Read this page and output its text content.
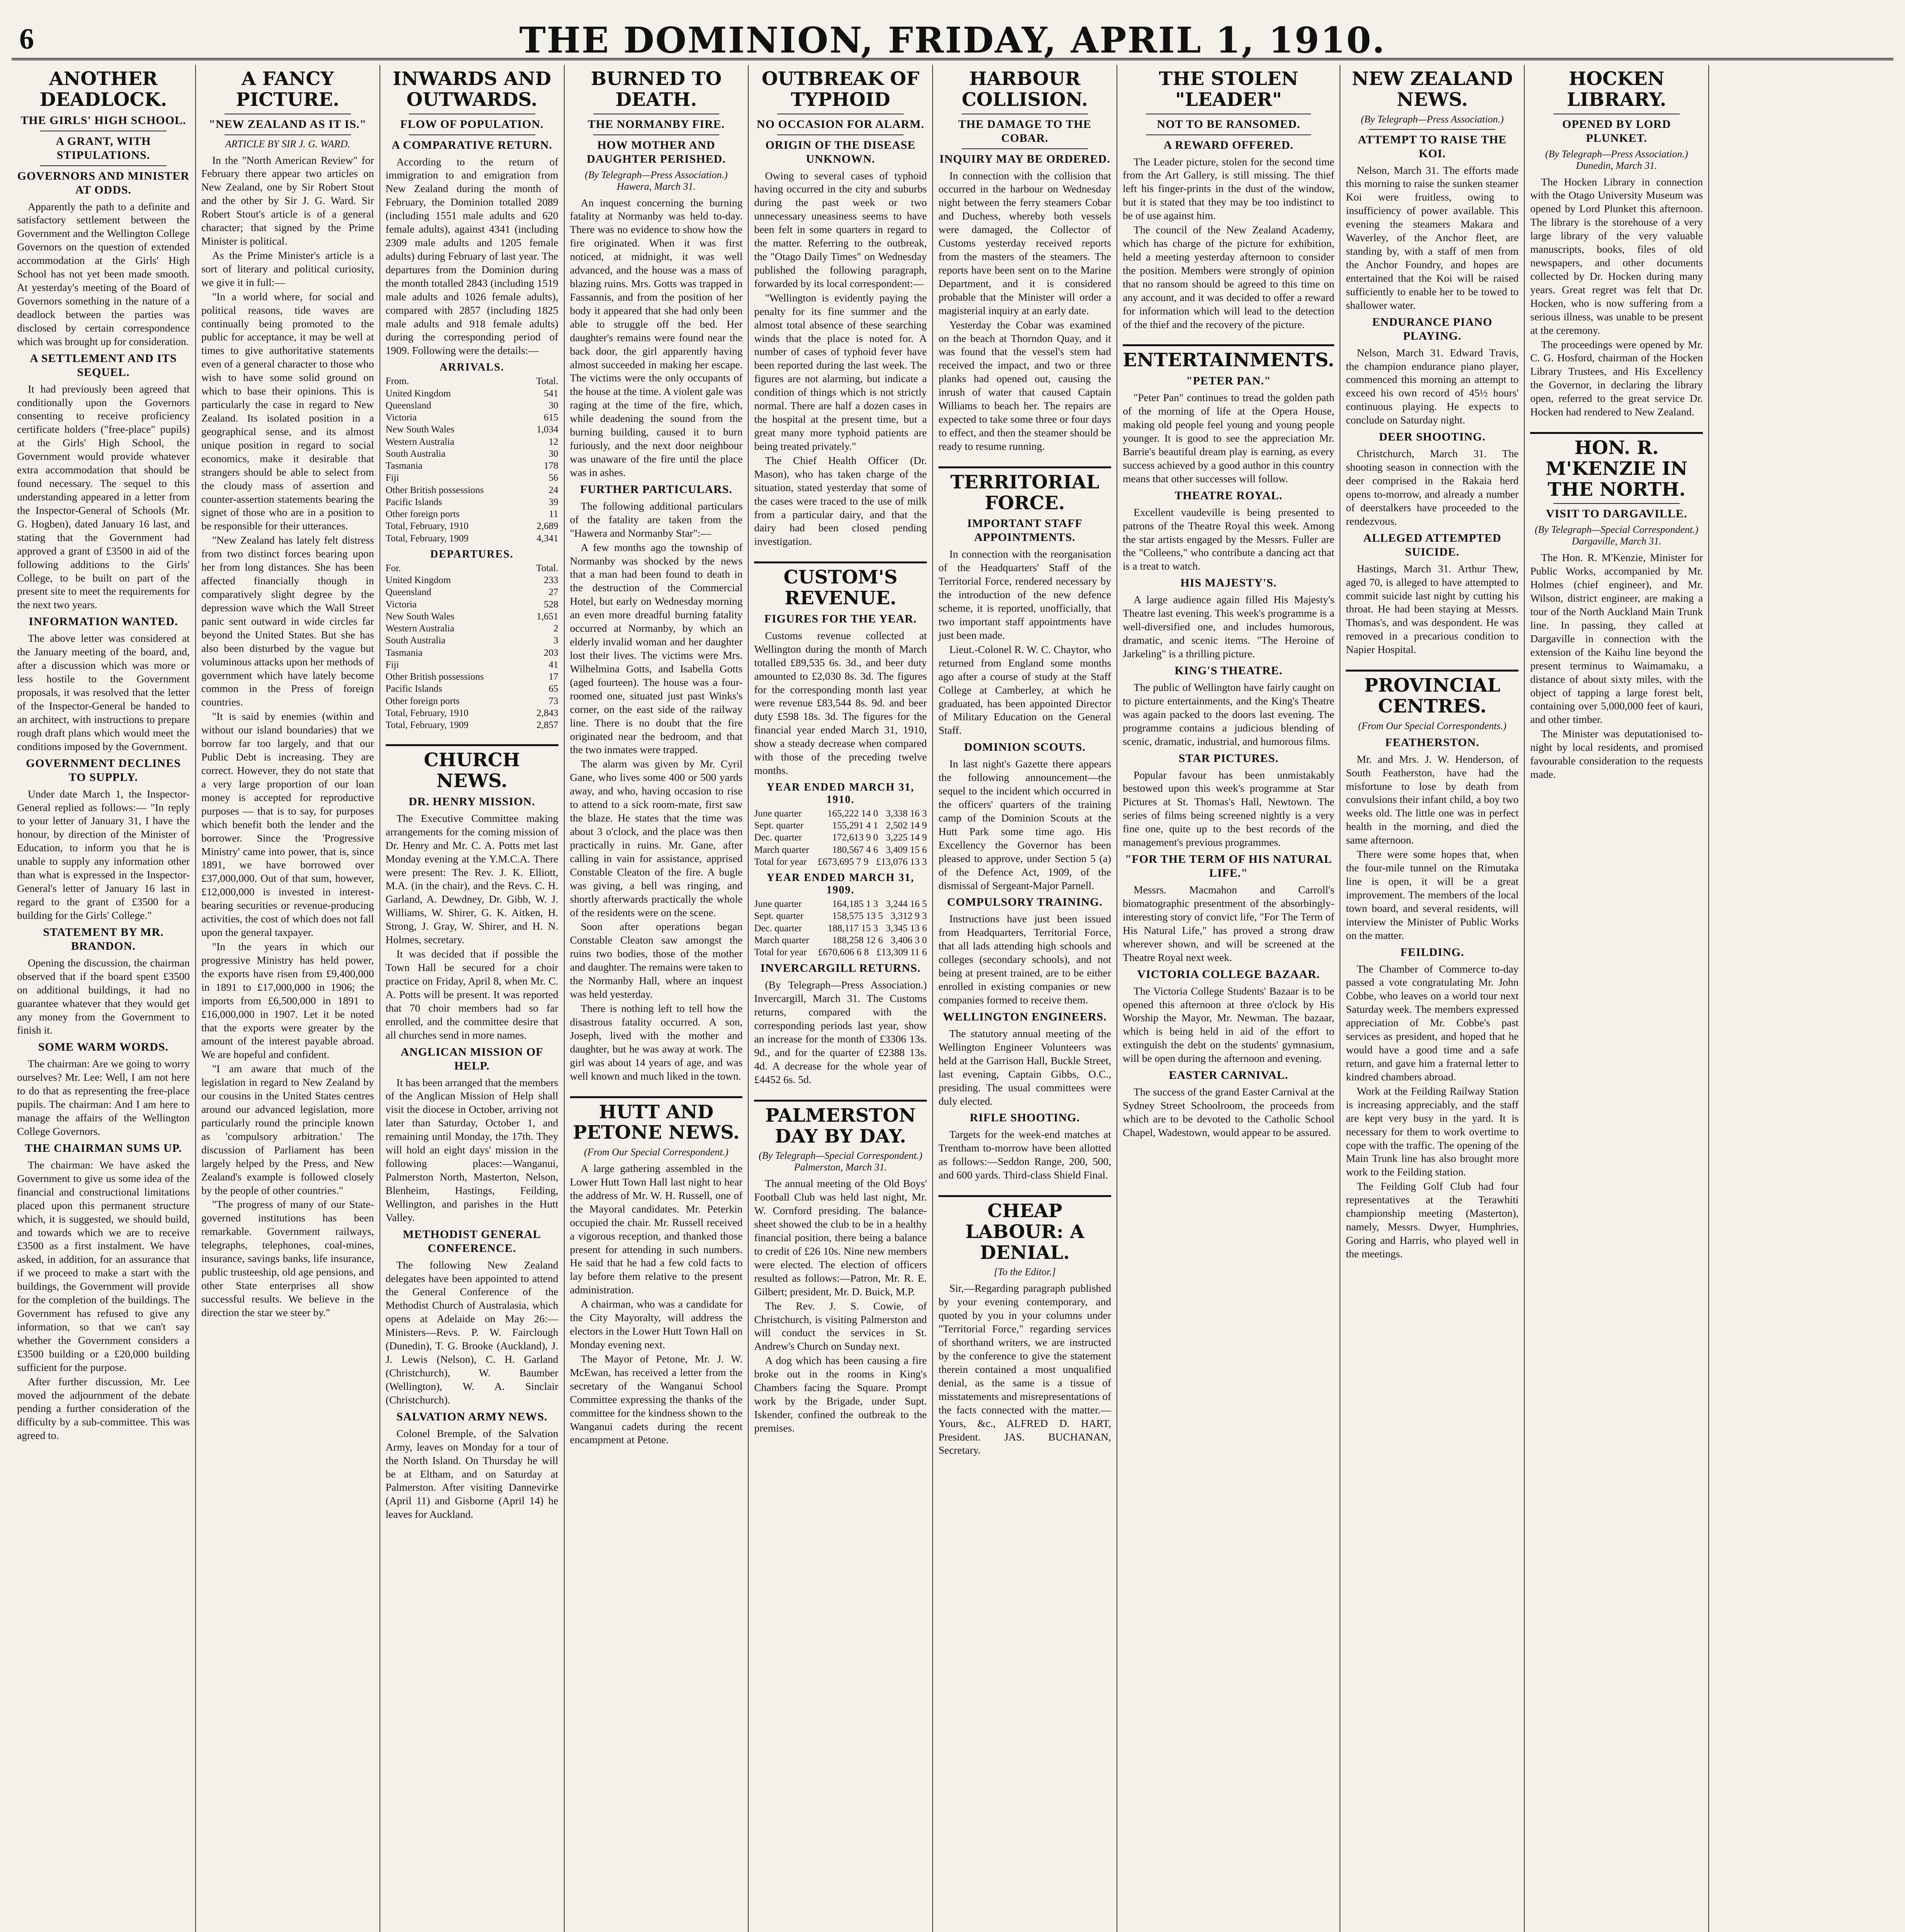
6	THE DOMINION, FRIDAY, APRIL 1, 1910.
ANOTHER DEADLOCK.
THE GIRLS' HIGH SCHOOL.
A GRANT, WITH STIPULATIONS.
GOVERNORS AND MINISTER AT ODDS.

Apparently the path to a definite and satisfactory settlement between the Government and the Wellington College Governors on the question of extended accommodation at the Girls' High School has not yet been made smooth. At yesterday's meeting of the Board of Governors something in the nature of a deadlock between the parties was disclosed by certain correspondence which was brought up for consideration.

A SETTLEMENT AND ITS SEQUEL.

It had previously been agreed that conditionally upon the Governors consenting to receive proficiency certificate holders ("free-place" pupils) at the Girls' High School, the Government would provide whatever extra accommodation that should be found necessary. The sequel to this understanding appeared in a letter from the Inspector-General of Schools (Mr. G. Hogben), dated January 16 last, and stating that the Government had approved a grant of £3500 in aid of the following additions to the Girls' College, to be built on part of the present site to meet the requirements for the next two years.

INFORMATION WANTED.

The above letter was considered at the January meeting of the board, and, after a discussion which was more or less hostile to the Government proposals, it was resolved that the letter of the Inspector-General be handed to an architect, with instructions to prepare rough draft plans which would meet the conditions imposed by the Government.

GOVERNMENT DECLINES TO SUPPLY.

Under date March 1, the Inspector-General replied as follows:— "In reply to your letter of January 31, I have the honour, by direction of the Minister of Education, to inform you that he is unable to supply any information other than what is expressed in the Inspector-General's letter of January 16 last in regard to the grant of £3500 for a building for the Girls' College."

STATEMENT BY MR. BRANDON.

Opening the discussion, the chairman observed that if the board spent £3500 on additional buildings, it had no guarantee whatever that they would get any money from the Government to finish it.

SOME WARM WORDS.

The chairman: Are we going to worry ourselves? Mr. Lee: Well, I am not here to do that as representing the free-place pupils. The chairman: And I am here to manage the affairs of the Wellington College Governors.

THE CHAIRMAN SUMS UP.

The chairman: We have asked the Government to give us some idea of the financial and constructional limitations placed upon this permanent structure which, it is suggested, we should build, and towards which we are to receive £3500 as a first instalment. We have asked, in addition, for an assurance that if we proceed to make a start with the buildings, the Government will provide for the completion of the buildings. The Government has refused to give any information, so that we can't say whether the Government considers a £3500 building or a £20,000 building sufficient for the purpose.

After further discussion, Mr. Lee moved the adjournment of the debate pending a further consideration of the difficulty by a sub-committee. This was agreed to.

A FANCY PICTURE.
"NEW ZEALAND AS IT IS."
ARTICLE BY SIR J. G. WARD.

In the "North American Review" for February there appear two articles on New Zealand, one by Sir Robert Stout and the other by Sir J. G. Ward. Sir Robert Stout's article is of a general character; that signed by the Prime Minister is political.

As the Prime Minister's article is a sort of literary and political curiosity, we give it in full:—

"In a world where, for social and political reasons, tide waves are continually being promoted to the public for acceptance, it may be well at times to give authoritative statements even of a general character to those who wish to have some solid ground on which to base their opinions. This is particularly the case in regard to New Zealand. Its isolated position in a geographical sense, and its almost unique position in regard to social economics, make it desirable that strangers should be able to select from the cloudy mass of assertion and counter-assertion statements bearing the signet of those who are in a position to be responsible for their utterances.

"New Zealand has lately felt distress from two distinct forces bearing upon her from long distances. She has been affected financially though in comparatively slight degree by the depression wave which the Wall Street panic sent outward in wide circles far beyond the United States. But she has also been disturbed by the vague but voluminous attacks upon her methods of government which have lately become common in the Press of foreign countries.

"It is said by enemies (within and without our island boundaries) that we borrow far too largely, and that our Public Debt is increasing. They are correct. However, they do not state that a very large proportion of our loan money is accepted for reproductive purposes — that is to say, for purposes which benefit both the lender and the borrower. Since the 'Progressive Ministry' came into power, that is, since 1891, we have borrowed over £37,000,000. Out of that sum, however, £12,000,000 is invested in interest-bearing securities or revenue-producing activities, the cost of which does not fall upon the general taxpayer.

"In the years in which our progressive Ministry has held power, the exports have risen from £9,400,000 in 1891 to £17,000,000 in 1906; the imports from £6,500,000 in 1891 to £16,000,000 in 1907. Let it be noted that the exports were greater by the amount of the interest payable abroad. We are hopeful and confident.

"I am aware that much of the legislation in regard to New Zealand by our cousins in the United States centres around our advanced legislation, more particularly round the principle known as 'compulsory arbitration.' The discussion of Parliament has been largely helped by the Press, and New Zealand's example is followed closely by the people of other countries."

"The progress of many of our State-governed institutions has been remarkable. Government railways, telegraphs, telephones, coal-mines, insurance, savings banks, life insurance, public trusteeship, old age pensions, and other State enterprises all show successful results. We believe in the direction the star we steer by."

INWARDS AND OUTWARDS.
FLOW OF POPULATION.
A COMPARATIVE RETURN.

According to the return of immigration to and emigration from New Zealand during the month of February, the Dominion totalled 2089 (including 1551 male adults and 620 female adults), against 4341 (including 2309 male adults and 1205 female adults) during February of last year. The departures from the Dominion during the month totalled 2843 (including 1519 male adults and 1026 female adults), compared with 2857 (including 1825 male adults and 918 female adults) during the corresponding period of 1909. Following were the details:—

ARRIVALS.
From.	Total.
United Kingdom	541
Queensland	30
Victoria	615
New South Wales	1,034
Western Australia	12
South Australia	30
Tasmania	178
Fiji	56
Other British possessions	24
Pacific Islands	39
Other foreign ports	11
Total, February, 1910	2,689
Total, February, 1909	4,341
DEPARTURES.
For.	Total.
United Kingdom	233
Queensland	27
Victoria	528
New South Wales	1,651
Western Australia	2
South Australia	3
Tasmania	203
Fiji	41
Other British possessions	17
Pacific Islands	65
Other foreign ports	73
Total, February, 1910	2,843
Total, February, 1909	2,857
CHURCH NEWS.
DR. HENRY MISSION.

The Executive Committee making arrangements for the coming mission of Dr. Henry and Mr. C. A. Potts met last Monday evening at the Y.M.C.A. There were present: The Rev. J. K. Elliott, M.A. (in the chair), and the Revs. C. H. Garland, A. Dewdney, Dr. Gibb, W. J. Williams, W. Shirer, G. K. Aitken, H. Strong, J. Gray, W. Shirer, and H. N. Holmes, secretary.

It was decided that if possible the Town Hall be secured for a choir practice on Friday, April 8, when Mr. C. A. Potts will be present. It was reported that 70 choir members had so far enrolled, and the committee desire that all churches send in more names.

ANGLICAN MISSION OF HELP.

It has been arranged that the members of the Anglican Mission of Help shall visit the diocese in October, arriving not later than Saturday, October 1, and remaining until Monday, the 17th. They will hold an eight days' mission in the following places:—Wanganui, Palmerston North, Masterton, Nelson, Blenheim, Hastings, Feilding, Wellington, and parishes in the Hutt Valley.

METHODIST GENERAL CONFERENCE.

The following New Zealand delegates have been appointed to attend the General Conference of the Methodist Church of Australasia, which opens at Adelaide on May 26:—Ministers—Revs. P. W. Fairclough (Dunedin), T. G. Brooke (Auckland), J. J. Lewis (Nelson), C. H. Garland (Christchurch), W. Baumber (Wellington), W. A. Sinclair (Christchurch).

SALVATION ARMY NEWS.

Colonel Bremple, of the Salvation Army, leaves on Monday for a tour of the North Island. On Thursday he will be at Eltham, and on Saturday at Palmerston. After visiting Dannevirke (April 11) and Gisborne (April 14) he leaves for Auckland.

BURNED TO DEATH.
THE NORMANBY FIRE.
HOW MOTHER AND DAUGHTER PERISHED.
(By Telegraph—Press Association.) Hawera, March 31.

An inquest concerning the burning fatality at Normanby was held to-day. There was no evidence to show how the fire originated. When it was first noticed, at midnight, it was well advanced, and the house was a mass of blazing ruins. Mrs. Gotts was trapped in Fassannis, and from the position of her body it appeared that she had only been able to struggle off the bed. Her daughter's remains were found near the back door, the girl apparently having almost succeeded in making her escape. The victims were the only occupants of the house at the time. A violent gale was raging at the time of the fire, which, while deadening the sound from the burning building, caused it to burn furiously, and the next door neighbour was unaware of the fire until the place was in ashes.

FURTHER PARTICULARS.

The following additional particulars of the fatality are taken from the "Hawera and Normanby Star":—

A few months ago the township of Normanby was shocked by the news that a man had been found to death in the destruction of the Commercial Hotel, but early on Wednesday morning an even more dreadful burning fatality occurred at Normanby, by which an elderly invalid woman and her daughter lost their lives. The victims were Mrs. Wilhelmina Gotts, and Isabella Gotts (aged fourteen). The house was a four-roomed one, situated just past Winks's corner, on the east side of the railway line. There is no doubt that the fire originated near the bedroom, and that the two inmates were trapped.

The alarm was given by Mr. Cyril Gane, who lives some 400 or 500 yards away, and who, having occasion to rise to attend to a sick room-mate, first saw the blaze. He states that the time was about 3 o'clock, and the place was then practically in ruins. Mr. Gane, after calling in vain for assistance, apprised Constable Cleaton of the fire. A bugle was giving, a bell was ringing, and shortly afterwards practically the whole of the residents were on the scene.

Soon after operations began Constable Cleaton saw amongst the ruins two bodies, those of the mother and daughter. The remains were taken to the Normanby Hall, where an inquest was held yesterday.

There is nothing left to tell how the disastrous fatality occurred. A son, Joseph, lived with the mother and daughter, but he was away at work. The girl was about 14 years of age, and was well known and much liked in the town.

HUTT AND PETONE NEWS.
(From Our Special Correspondent.)

A large gathering assembled in the Lower Hutt Town Hall last night to hear the address of Mr. W. H. Russell, one of the Mayoral candidates. Mr. Peterkin occupied the chair. Mr. Russell received a vigorous reception, and thanked those present for attending in such numbers. He said that he had a few cold facts to lay before them relative to the present administration.

A chairman, who was a candidate for the City Mayoralty, will address the electors in the Lower Hutt Town Hall on Monday evening next.

The Mayor of Petone, Mr. J. W. McEwan, has received a letter from the secretary of the Wanganui School Committee expressing the thanks of the committee for the kindness shown to the Wanganui cadets during the recent encampment at Petone.

OUTBREAK OF TYPHOID
NO OCCASION FOR ALARM.
ORIGIN OF THE DISEASE UNKNOWN.

Owing to several cases of typhoid having occurred in the city and suburbs during the past week or two unnecessary uneasiness seems to have been felt in some quarters in regard to the matter. Referring to the outbreak, the "Otago Daily Times" on Wednesday published the following paragraph, forwarded by its local correspondent:—

"Wellington is evidently paying the penalty for its fine summer and the almost total absence of these searching winds that the place is noted for. A number of cases of typhoid fever have been reported during the last week. The figures are not alarming, but indicate a condition of things which is not strictly normal. There are half a dozen cases in the hospital at the present time, but a great many more typhoid patients are being treated privately."

The Chief Health Officer (Dr. Mason), who has taken charge of the situation, stated yesterday that some of the cases were traced to the use of milk from a particular dairy, and that the dairy had been closed pending investigation.

CUSTOM'S REVENUE.
FIGURES FOR THE YEAR.

Customs revenue collected at Wellington during the month of March totalled £89,535 6s. 3d., and beer duty amounted to £2,030 8s. 3d. The figures for the corresponding month last year were revenue £83,544 8s. 9d. and beer duty £598 18s. 3d. The figures for the financial year ended March 31, 1910, show a steady decrease when compared with those of the preceding twelve months.

YEAR ENDED MARCH 31, 1910.
June quarter	165,222 14 0 3,338 16 3
Sept. quarter	155,291 4 1 2,502 14 9
Dec. quarter	172,613 9 0 3,225 14 9
March quarter	180,567 4 6 3,409 15 6
Total for year	£673,695 7 9 £13,076 13 3
YEAR ENDED MARCH 31, 1909.
June quarter	164,185 1 3 3,244 16 5
Sept. quarter	158,575 13 5 3,312 9 3
Dec. quarter	188,117 15 3 3,345 13 6
March quarter	188,258 12 6 3,406 3 0
Total for year	£670,606 6 8 £13,309 11 6
INVERCARGILL RETURNS.

(By Telegraph—Press Association.) Invercargill, March 31. The Customs returns, compared with the corresponding periods last year, show an increase for the month of £3306 13s. 9d., and for the quarter of £2388 13s. 4d. A decrease for the whole year of £4452 6s. 5d.

PALMERSTON DAY BY DAY.
(By Telegraph—Special Correspondent.) Palmerston, March 31.

The annual meeting of the Old Boys' Football Club was held last night, Mr. W. Cornford presiding. The balance-sheet showed the club to be in a healthy financial position, there being a balance to credit of £26 10s. Nine new members were elected. The election of officers resulted as follows:—Patron, Mr. R. E. Gilbert; president, Mr. D. Buick, M.P.

The Rev. J. S. Cowie, of Christchurch, is visiting Palmerston and will conduct the services in St. Andrew's Church on Sunday next.

A dog which has been causing a fire broke out in the rooms in King's Chambers facing the Square. Prompt work by the Brigade, under Supt. Iskender, confined the outbreak to the premises.

HARBOUR COLLISION.
THE DAMAGE TO THE COBAR.
INQUIRY MAY BE ORDERED.

In connection with the collision that occurred in the harbour on Wednesday night between the ferry steamers Cobar and Duchess, whereby both vessels were damaged, the Collector of Customs yesterday received reports from the masters of the steamers. The reports have been sent on to the Marine Department, and it is considered probable that the Minister will order a magisterial inquiry at an early date.

Yesterday the Cobar was examined on the beach at Thorndon Quay, and it was found that the vessel's stem had received the impact, and two or three planks had opened out, causing the inrush of water that caused Captain Williams to beach her. The repairs are expected to take some three or four days to effect, and then the steamer should be ready to resume running.

TERRITORIAL FORCE.
IMPORTANT STAFF APPOINTMENTS.

In connection with the reorganisation of the Headquarters' Staff of the Territorial Force, rendered necessary by the introduction of the new defence scheme, it is reported, unofficially, that two important staff appointments have just been made.

Lieut.-Colonel R. W. C. Chaytor, who returned from England some months ago after a course of study at the Staff College at Camberley, at which he graduated, has been appointed Director of Military Education on the General Staff.

DOMINION SCOUTS.

In last night's Gazette there appears the following announcement—the sequel to the incident which occurred in the officers' quarters of the training camp of the Dominion Scouts at the Hutt Park some time ago. His Excellency the Governor has been pleased to approve, under Section 5 (a) of the Defence Act, 1909, of the dismissal of Sergeant-Major Parnell.

COMPULSORY TRAINING.

Instructions have just been issued from Headquarters, Territorial Force, that all lads attending high schools and colleges (secondary schools), and not being at present trained, are to be either enrolled in existing companies or new companies formed to receive them.

WELLINGTON ENGINEERS.

The statutory annual meeting of the Wellington Engineer Volunteers was held at the Garrison Hall, Buckle Street, last evening, Captain Gibbs, O.C., presiding. The usual committees were duly elected.

RIFLE SHOOTING.

Targets for the week-end matches at Trentham to-morrow have been allotted as follows:—Seddon Range, 200, 500, and 600 yards. Third-class Shield Final.

CHEAP LABOUR: A DENIAL.
[To the Editor.]

Sir,—Regarding paragraph published by your evening contemporary, and quoted by you in your columns under "Territorial Force," regarding services of shorthand writers, we are instructed by the conference to give the statement therein contained a most unqualified denial, as the same is a tissue of misstatements and misrepresentations of the facts connected with the matter.—Yours, &c., ALFRED D. HART, President. JAS. BUCHANAN, Secretary.

THE STOLEN "LEADER"
NOT TO BE RANSOMED.
A REWARD OFFERED.

The Leader picture, stolen for the second time from the Art Gallery, is still missing. The thief left his finger-prints in the dust of the window, but it is stated that they may be too indistinct to be of use against him.

The council of the New Zealand Academy, which has charge of the picture for exhibition, held a meeting yesterday afternoon to consider the position. Members were strongly of opinion that no ransom should be agreed to this time on any account, and it was decided to offer a reward for information which will lead to the detection of the thief and the recovery of the picture.

ENTERTAINMENTS.
"PETER PAN."

"Peter Pan" continues to tread the golden path of the morning of life at the Opera House, making old people feel young and young people younger. It is good to see the appreciation Mr. Barrie's beautiful dream play is earning, as every success achieved by a good author in this country means that other successes will follow.

THEATRE ROYAL.

Excellent vaudeville is being presented to patrons of the Theatre Royal this week. Among the star artists engaged by the Messrs. Fuller are the "Colleens," who contribute a dancing act that is a treat to watch.

HIS MAJESTY'S.

A large audience again filled His Majesty's Theatre last evening. This week's programme is a well-diversified one, and includes humorous, dramatic, and scenic items. "The Heroine of Jarkeling" is a thrilling picture.

KING'S THEATRE.

The public of Wellington have fairly caught on to picture entertainments, and the King's Theatre was again packed to the doors last evening. The programme contains a judicious blending of scenic, dramatic, industrial, and humorous films.

STAR PICTURES.

Popular favour has been unmistakably bestowed upon this week's programme at Star Pictures at St. Thomas's Hall, Newtown. The series of films being screened nightly is a very fine one, quite up to the best records of the management's previous programmes.

"FOR THE TERM OF HIS NATURAL LIFE."

Messrs. Macmahon and Carroll's biomatographic presentment of the absorbingly-interesting story of convict life, "For The Term of His Natural Life," has proved a strong draw wherever shown, and will be screened at the Theatre Royal next week.

VICTORIA COLLEGE BAZAAR.

The Victoria College Students' Bazaar is to be opened this afternoon at three o'clock by His Worship the Mayor, Mr. Newman. The bazaar, which is being held in aid of the effort to extinguish the debt on the students' gymnasium, will be open during the afternoon and evening.

EASTER CARNIVAL.

The success of the grand Easter Carnival at the Sydney Street Schoolroom, the proceeds from which are to be devoted to the Catholic School Chapel, Wadestown, would appear to be assured.

NEW ZEALAND NEWS.
(By Telegraph—Press Association.)
ATTEMPT TO RAISE THE KOI.

Nelson, March 31. The efforts made this morning to raise the sunken steamer Koi were fruitless, owing to insufficiency of power available. This evening the steamers Makara and Waverley, of the Anchor fleet, are standing by, with a staff of men from the Anchor Foundry, and hopes are entertained that the Koi will be raised sufficiently to enable her to be towed to shallower water.

ENDURANCE PIANO PLAYING.

Nelson, March 31. Edward Travis, the champion endurance piano player, commenced this morning an attempt to exceed his own record of 45½ hours' continuous playing. He expects to conclude on Saturday night.

DEER SHOOTING.

Christchurch, March 31. The shooting season in connection with the deer comprised in the Rakaia herd opens to-morrow, and already a number of deerstalkers have proceeded to the rendezvous.

ALLEGED ATTEMPTED SUICIDE.

Hastings, March 31. Arthur Thew, aged 70, is alleged to have attempted to commit suicide last night by cutting his throat. He had been staying at Messrs. Thomas's, and was despondent. He was removed in a precarious condition to Napier Hospital.

PROVINCIAL CENTRES.
(From Our Special Correspondents.)
FEATHERSTON.

Mr. and Mrs. J. W. Henderson, of South Featherston, have had the misfortune to lose by death from convulsions their infant child, a boy two weeks old. The little one was in perfect health in the morning, and died the same afternoon.

There were some hopes that, when the four-mile tunnel on the Rimutaka line is open, it will be a great improvement. The members of the local town board, and several residents, will interview the Minister of Public Works on the matter.

FEILDING.

The Chamber of Commerce to-day passed a vote congratulating Mr. John Cobbe, who leaves on a world tour next Saturday week. The members expressed appreciation of Mr. Cobbe's past services as president, and hoped that he would have a good time and a safe return, and gave him a fraternal letter to kindred chambers abroad.

Work at the Feilding Railway Station is increasing appreciably, and the staff are kept very busy in the yard. It is necessary for them to work overtime to cope with the traffic. The opening of the Main Trunk line has also brought more work to the Feilding station.

The Feilding Golf Club had four representatives at the Terawhiti championship meeting (Masterton), namely, Messrs. Dwyer, Humphries, Goring and Harris, who played well in the meetings.

HOCKEN LIBRARY.
OPENED BY LORD PLUNKET.
(By Telegraph—Press Association.) Dunedin, March 31.

The Hocken Library in connection with the Otago University Museum was opened by Lord Plunket this afternoon. The library is the storehouse of a very large library of the very valuable manuscripts, books, files of old newspapers, and other documents collected by Dr. Hocken during many years. Great regret was felt that Dr. Hocken, who is now suffering from a serious illness, was unable to be present at the ceremony.

The proceedings were opened by Mr. C. G. Hosford, chairman of the Hocken Library Trustees, and His Excellency the Governor, in declaring the library open, referred to the great service Dr. Hocken had rendered to New Zealand.

HON. R. M'KENZIE IN THE NORTH.
VISIT TO DARGAVILLE.
(By Telegraph—Special Correspondent.) Dargaville, March 31.

The Hon. R. M'Kenzie, Minister for Public Works, accompanied by Mr. Holmes (chief engineer), and Mr. Wilson, district engineer, are making a tour of the North Auckland Main Trunk line. In passing, they called at Dargaville in connection with the extension of the Kaihu line beyond the present terminus to Waimamaku, a distance of about sixty miles, with the object of tapping a large forest belt, containing over 5,000,000 feet of kauri, and other timber.

The Minister was deputationised to-night by local residents, and promised favourable consideration to the requests made.
